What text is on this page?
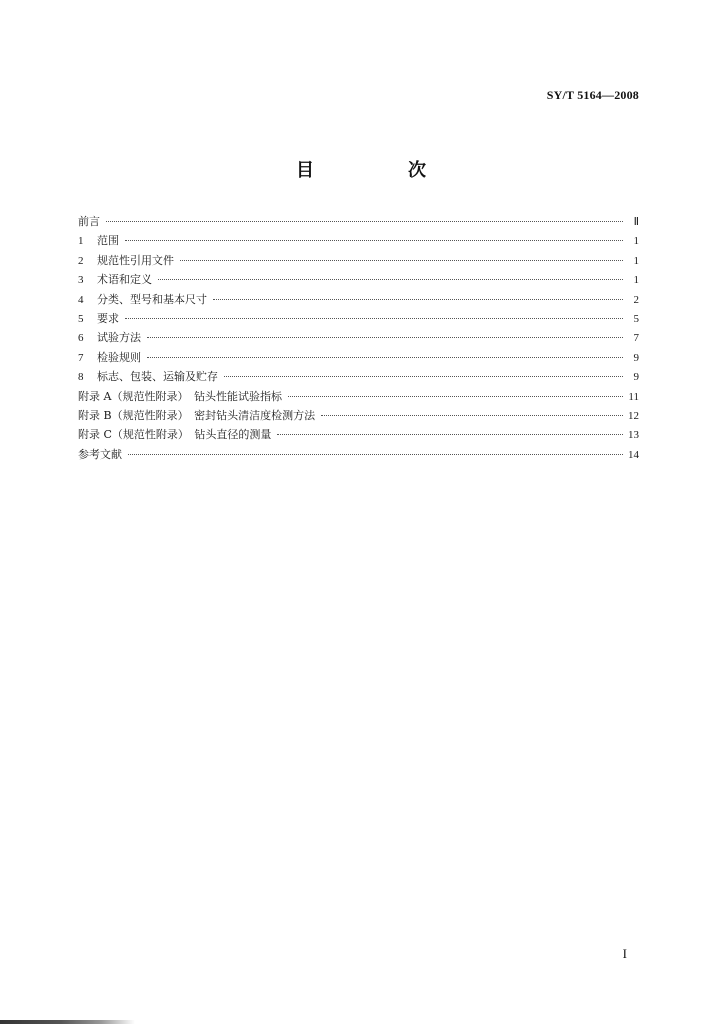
SY/T 5164—2008
目　次
前言	Ⅱ
1	范围	1
2	规范性引用文件	1
3	术语和定义	1
4	分类、型号和基本尺寸	2
5	要求	5
6	试验方法	7
7	检验规则	9
8	标志、包装、运输及贮存	9
附录 A（规范性附录）　钻头性能试验指标	11
附录 B（规范性附录）　密封钻头清洁度检测方法	12
附录 C（规范性附录）　钻头直径的测量	13
参考文献	14
I
